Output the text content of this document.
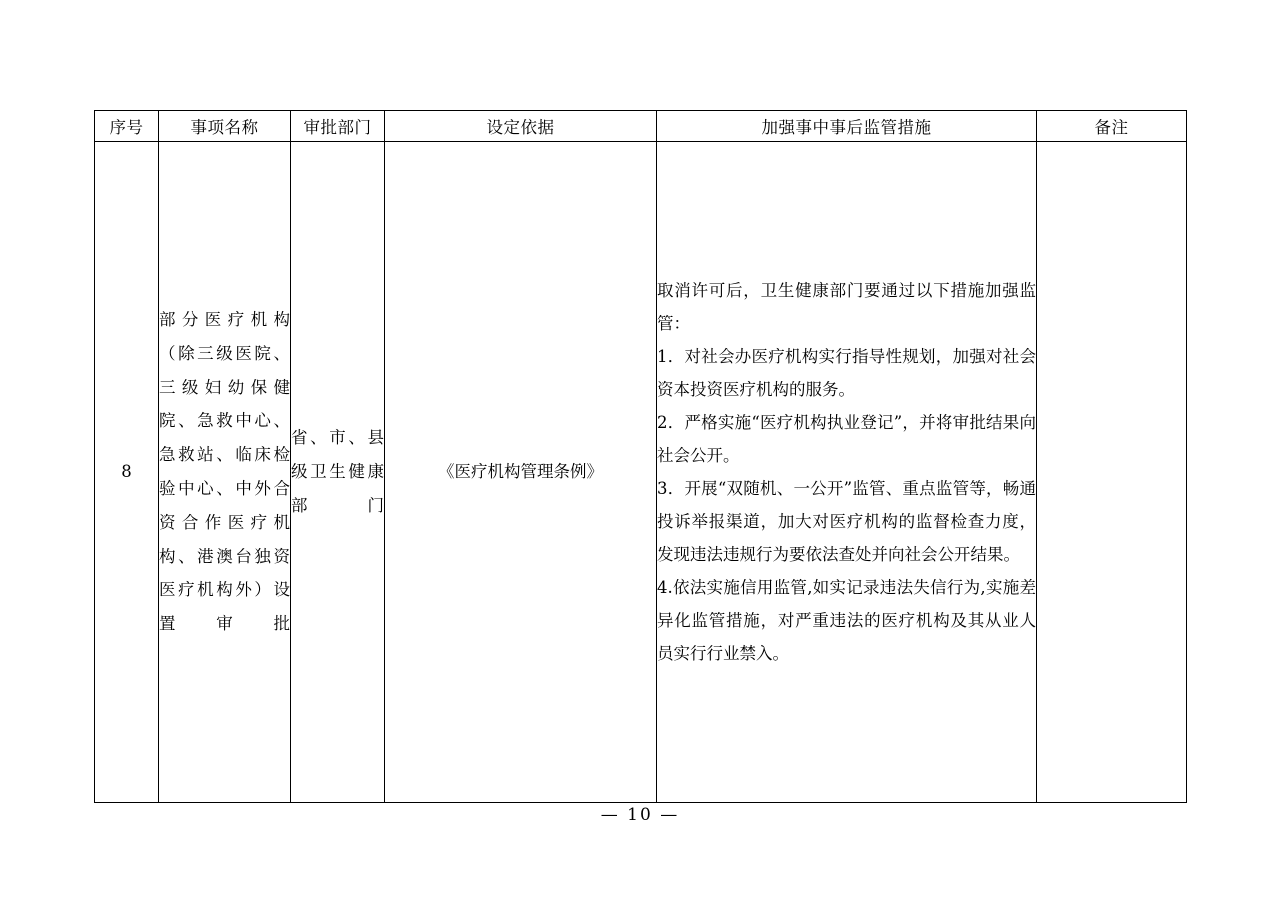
序号	事项名称	审批部门	设定依据	加强事中事后监管措施	备注
8	部分医疗机构（除三级医院、三级妇幼保健院、急救中心、急救站、临床检验中心、中外合资合作医疗机构、港澳台独资医疗机构外）设置审批	省、市、县级卫生健康部门	《医疗机构管理条例》	取消许可后，卫生健康部门要通过以下措施加强监管：

1．对社会办医疗机构实行指导性规划，加强对社会资本投资医疗机构的服务。

2．严格实施“医疗机构执业登记”，并将审批结果向社会公开。

3．开展“双随机、一公开”监管、重点监管等，畅通投诉举报渠道，加大对医疗机构的监督检查力度，发现违法违规行为要依法查处并向社会公开结果。

4.依法实施信用监管,如实记录违法失信行为,实施差异化监管措施，对严重违法的医疗机构及其从业人员实行行业禁入。	

— 10 —
